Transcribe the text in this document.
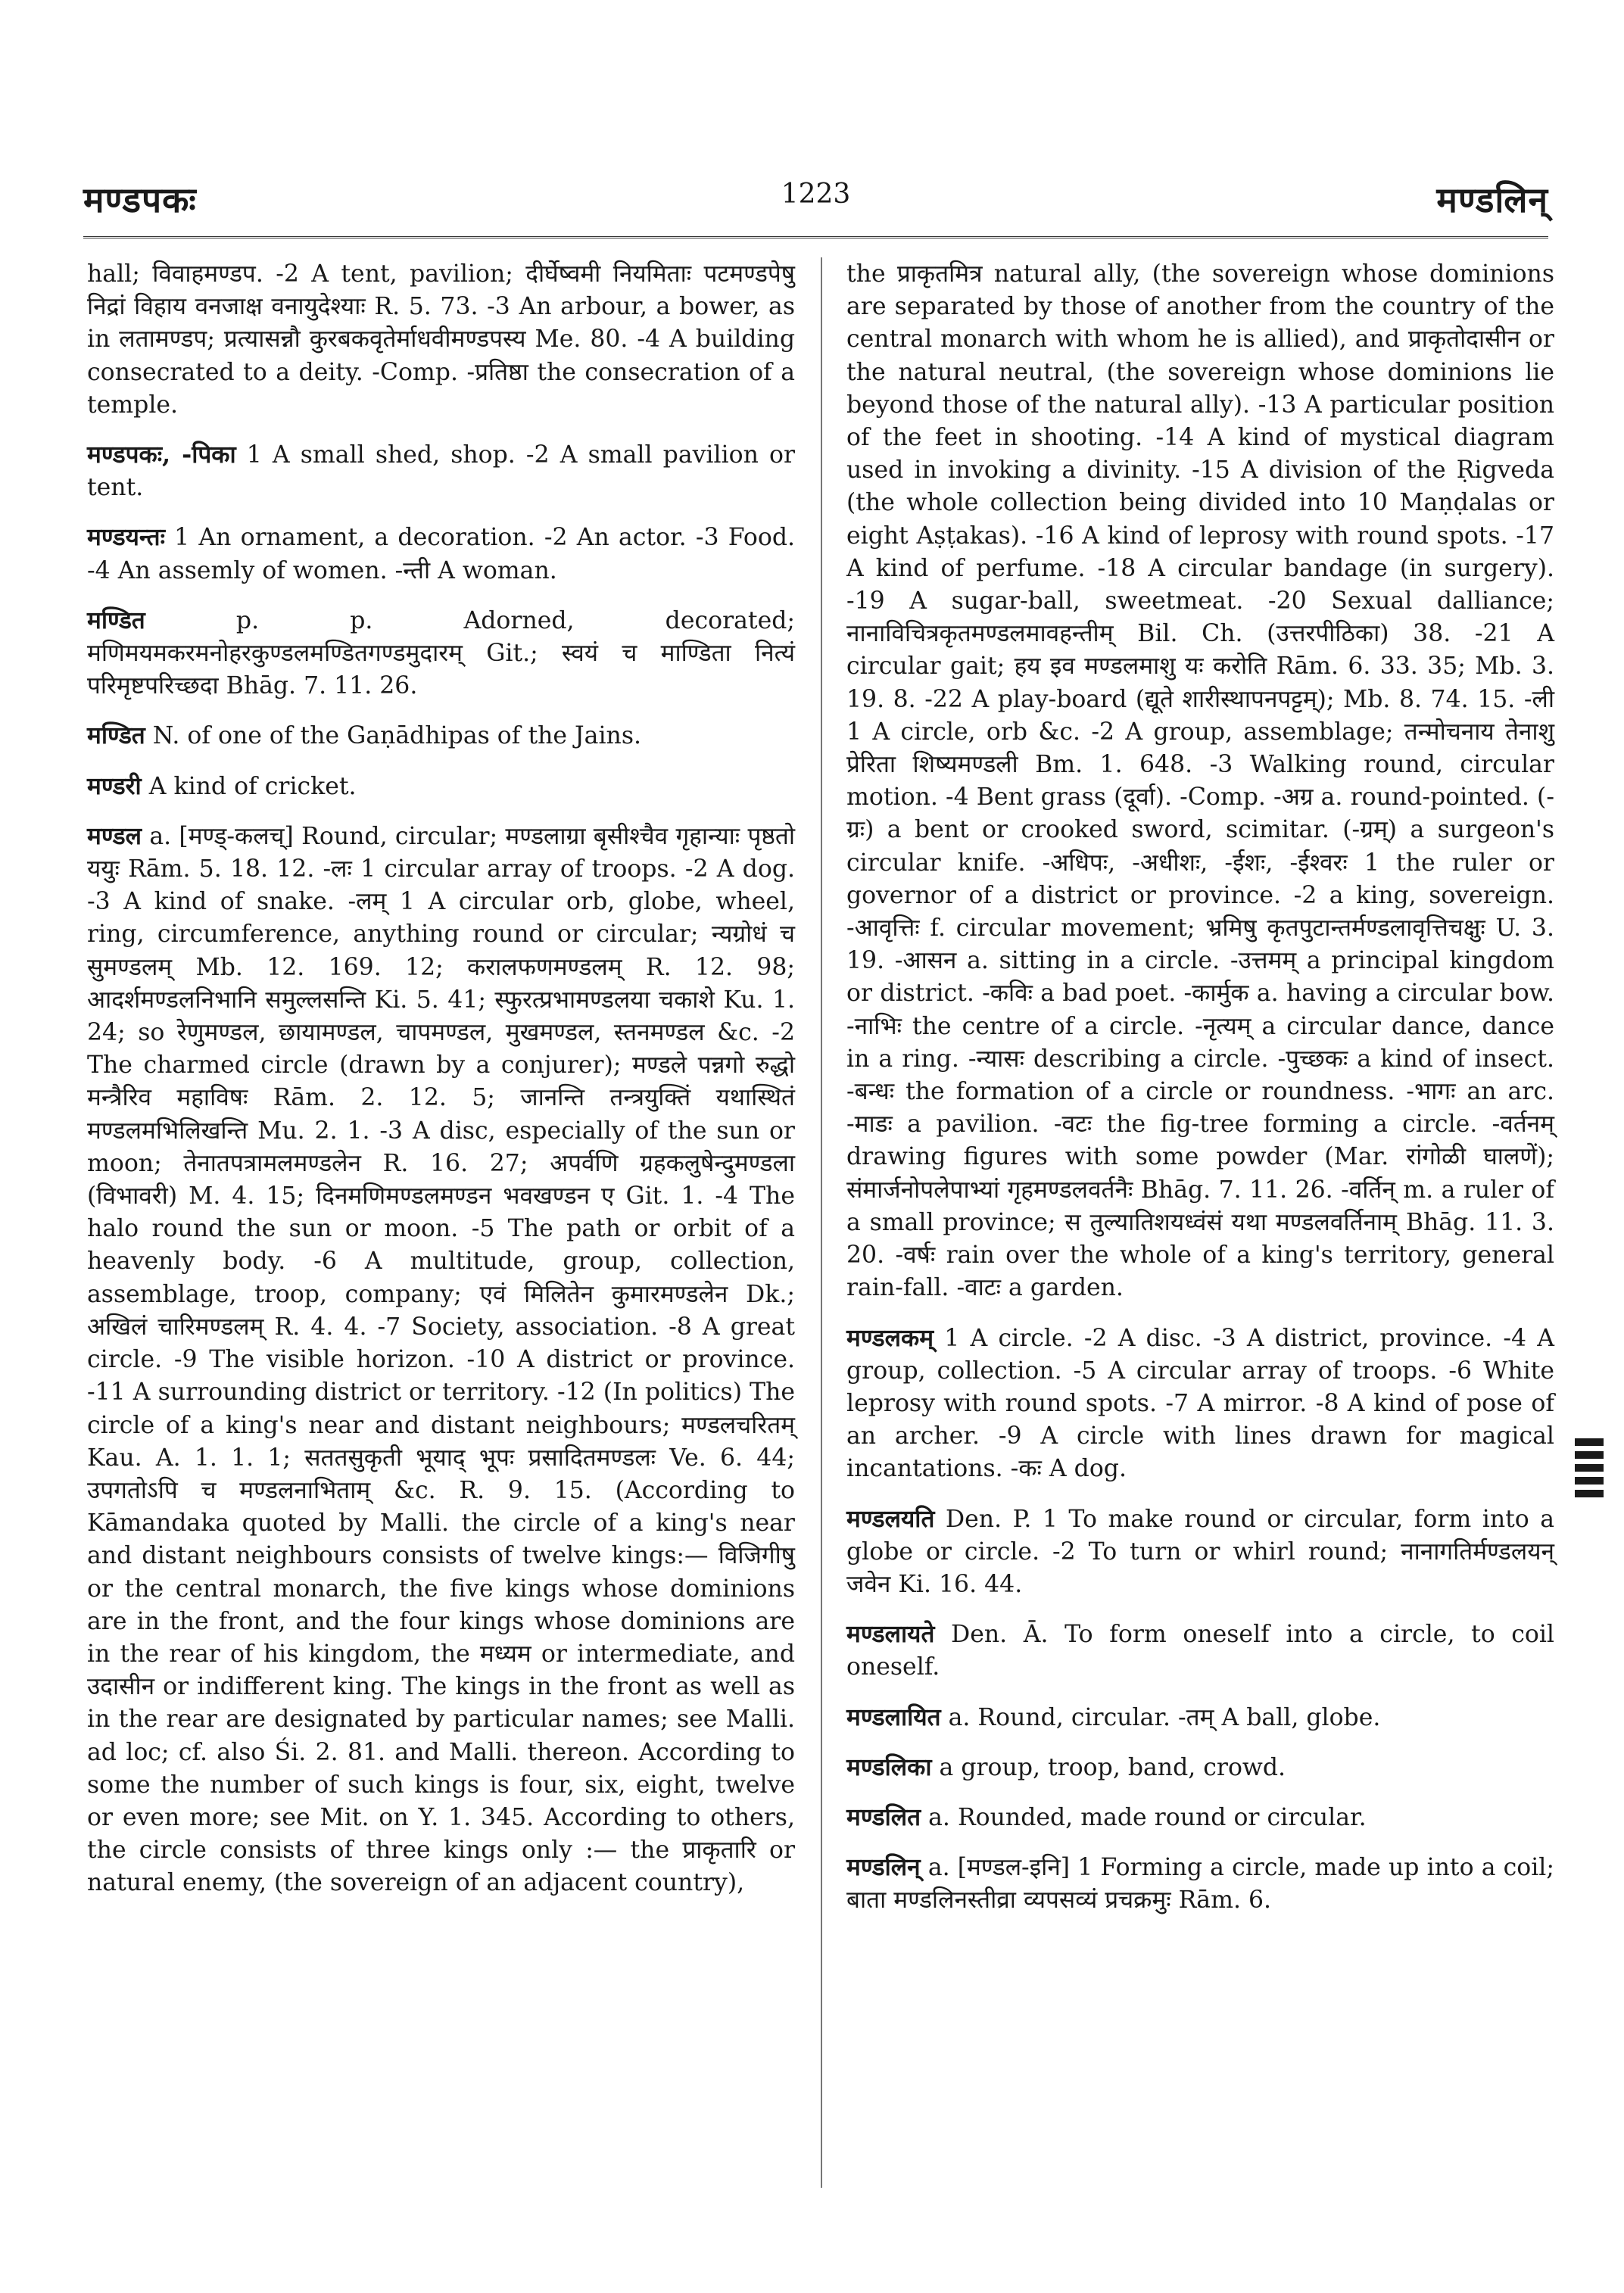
मण्डपकः	1223	मण्डलिन्

hall; विवाहमण्डप. -2 A tent, pavilion; दीर्घेष्वमी नियमिताः पटमण्डपेषु निद्रां विहाय वनजाक्ष वनायुदेश्याः R. 5. 73. -3 An arbour, a bower, as in लतामण्डप; प्रत्यासन्नौ कुरबकवृतेर्माधवीमण्डपस्य Me. 80. -4 A building consecrated to a deity. -Comp. -प्रतिष्ठा the consecration of a temple.

मण्डपकः, -पिका 1 A small shed, shop. -2 A small pavilion or tent.

मण्डयन्तः 1 An ornament, a decoration. -2 An actor. -3 Food. -4 An assemly of women. -न्ती A woman.

मण्डित	p. p. Adorned, decorated; मणिमयमकरमनोहरकुण्डलमण्डितगण्डमुदारम् Git.; स्वयं च माण्डिता नित्यं परिमृष्टपरिच्छदा Bhāg. 7. 11. 26.

मण्डित N. of one of the Gaṇādhipas of the Jains.

मण्डरी A kind of cricket.

मण्डल a. [मण्ड्-कलच्] Round, circular; मण्डलाग्रा बृसीश्चैव गृहान्याः पृष्ठतो ययुः Rām. 5. 18. 12. -लः 1 circular array of troops. -2 A dog. -3 A kind of snake. -लम् 1 A circular orb, globe, wheel, ring, circumference, anything round or circular; न्यग्रोधं च सुमण्डलम् Mb. 12. 169. 12; करालफणमण्डलम् R. 12. 98; आदर्शमण्डलनिभानि समुल्लसन्ति Ki. 5. 41; स्फुरत्प्रभामण्डलया चकाशे Ku. 1. 24; so रेणुमण्डल, छायामण्डल, चापमण्डल, मुखमण्डल, स्तनमण्डल &c. -2 The charmed circle (drawn by a conjurer); मण्डले पन्नगो रुद्धो मन्त्रैरिव महाविषः Rām. 2. 12. 5; जानन्ति तन्त्रयुक्तिं यथास्थितं मण्डलमभिलिखन्ति Mu. 2. 1. -3 A disc, especially of the sun or moon; तेनातपत्रामलमण्डलेन R. 16. 27; अपर्वणि ग्रहकलुषेन्दुमण्डला (विभावरी) M. 4. 15; दिनमणिमण्डलमण्डन भवखण्डन ए Git. 1. -4 The halo round the sun or moon. -5 The path or orbit of a heavenly body. -6 A multitude, group, collection, assemblage, troop, company; एवं मिलितेन कुमारमण्डलेन Dk.; अखिलं चारिमण्डलम् R. 4. 4. -7 Society, association. -8 A great circle. -9 The visible horizon. -10 A district or province. -11 A surrounding district or territory. -12 (In politics) The circle of a king's near and distant neighbours; मण्डलचरितम् Kau. A. 1. 1. 1; सततसुकृती भूयाद् भूपः प्रसादितमण्डलः Ve. 6. 44; उपगतोऽपि च मण्डलनाभिताम् &c. R. 9. 15. (According to Kāmandaka quoted by Malli. the circle of a king's near and distant neighbours consists of twelve kings:— विजिगीषु or the central monarch, the five kings whose dominions are in the front, and the four kings whose dominions are in the rear of his kingdom, the मध्यम or intermediate, and उदासीन or indifferent king. The kings in the front as well as in the rear are designated by particular names; see Malli. ad loc; cf. also Śi. 2. 81. and Malli. thereon. According to some the number of such kings is four, six, eight, twelve or even more; see Mit. on Y. 1. 345. According to others, the circle consists of three kings only :— the प्राकृतारि or natural enemy, (the sovereign of an adjacent country),

the प्राकृतमित्र natural ally, (the sovereign whose dominions are separated by those of another from the country of the central monarch with whom he is allied), and प्राकृतोदासीन or the natural neutral, (the sovereign whose dominions lie beyond those of the natural ally). -13 A particular position of the feet in shooting. -14 A kind of mystical diagram used in invoking a divinity. -15 A division of the Ṛigveda (the whole collection being divided into 10 Maṇḍalas or eight Aṣṭakas). -16 A kind of leprosy with round spots. -17 A kind of perfume. -18 A circular bandage (in surgery). -19 A sugar-ball, sweetmeat. -20 Sexual dalliance; नानाविचित्रकृतमण्डलमावहन्तीम् Bil. Ch. (उत्तरपीठिका) 38. -21 A circular gait; हय इव मण्डलमाशु यः करोति Rām. 6. 33. 35; Mb. 3. 19. 8. -22 A play-board (द्यूते शारीस्थापनपट्टम्); Mb. 8. 74. 15. -ली 1 A circle, orb &c. -2 A group, assemblage; तन्मोचनाय तेनाशु प्रेरिता शिष्यमण्डली Bm. 1. 648. -3 Walking round, circular motion. -4 Bent grass (दूर्वा). -Comp. -अग्र a. round-pointed. (-ग्रः) a bent or crooked sword, scimitar. (-ग्रम्) a surgeon's circular knife. -अधिपः, -अधीशः, -ईशः, -ईश्वरः 1 the ruler or governor of a district or province. -2 a king, sovereign. -आवृत्तिः f. circular movement; भ्रमिषु कृतपुटान्तर्मण्डलावृत्तिचक्षुः U. 3. 19. -आसन a. sitting in a circle. -उत्तमम् a principal kingdom or district. -कविः a bad poet. -कार्मुक a. having a circular bow. -नाभिः the centre of a circle. -नृत्यम् a circular dance, dance in a ring. -न्यासः describing a circle. -पुच्छकः a kind of insect. -बन्धः the formation of a circle or roundness. -भागः an arc. -माडः a pavilion. -वटः the fig-tree forming a circle. -वर्तनम् drawing figures with some powder (Mar. रांगोळी घालणें); संमार्जनोपलेपाभ्यां गृहमण्डलवर्तनैः Bhāg. 7. 11. 26. -वर्तिन् m. a ruler of a small province; स तुल्यातिशयध्वंसं यथा मण्डलवर्तिनाम् Bhāg. 11. 3. 20. -वर्षः rain over the whole of a king's territory, general rain-fall. -वाटः a garden.

मण्डलकम् 1 A circle. -2 A disc. -3 A district, province. -4 A group, collection. -5 A circular array of troops. -6 White leprosy with round spots. -7 A mirror. -8 A kind of pose of an archer. -9 A circle with lines drawn for magical incantations. -कः A dog.

मण्डलयति Den. P. 1 To make round or circular, form into a globe or circle. -2 To turn or whirl round; नानागतिर्मण्डलयन् जवेन Ki. 16. 44.

मण्डलायते Den. Ā. To form oneself into a circle, to coil oneself.

मण्डलायित a. Round, circular. -तम् A ball, globe.

मण्डलिका a group, troop, band, crowd.

मण्डलित a. Rounded, made round or circular.

मण्डलिन् a. [मण्डल-इनि] 1 Forming a circle, made up into a coil; बाता मण्डलिनस्तीव्रा व्यपसव्यं प्रचक्रमुः Rām. 6.
